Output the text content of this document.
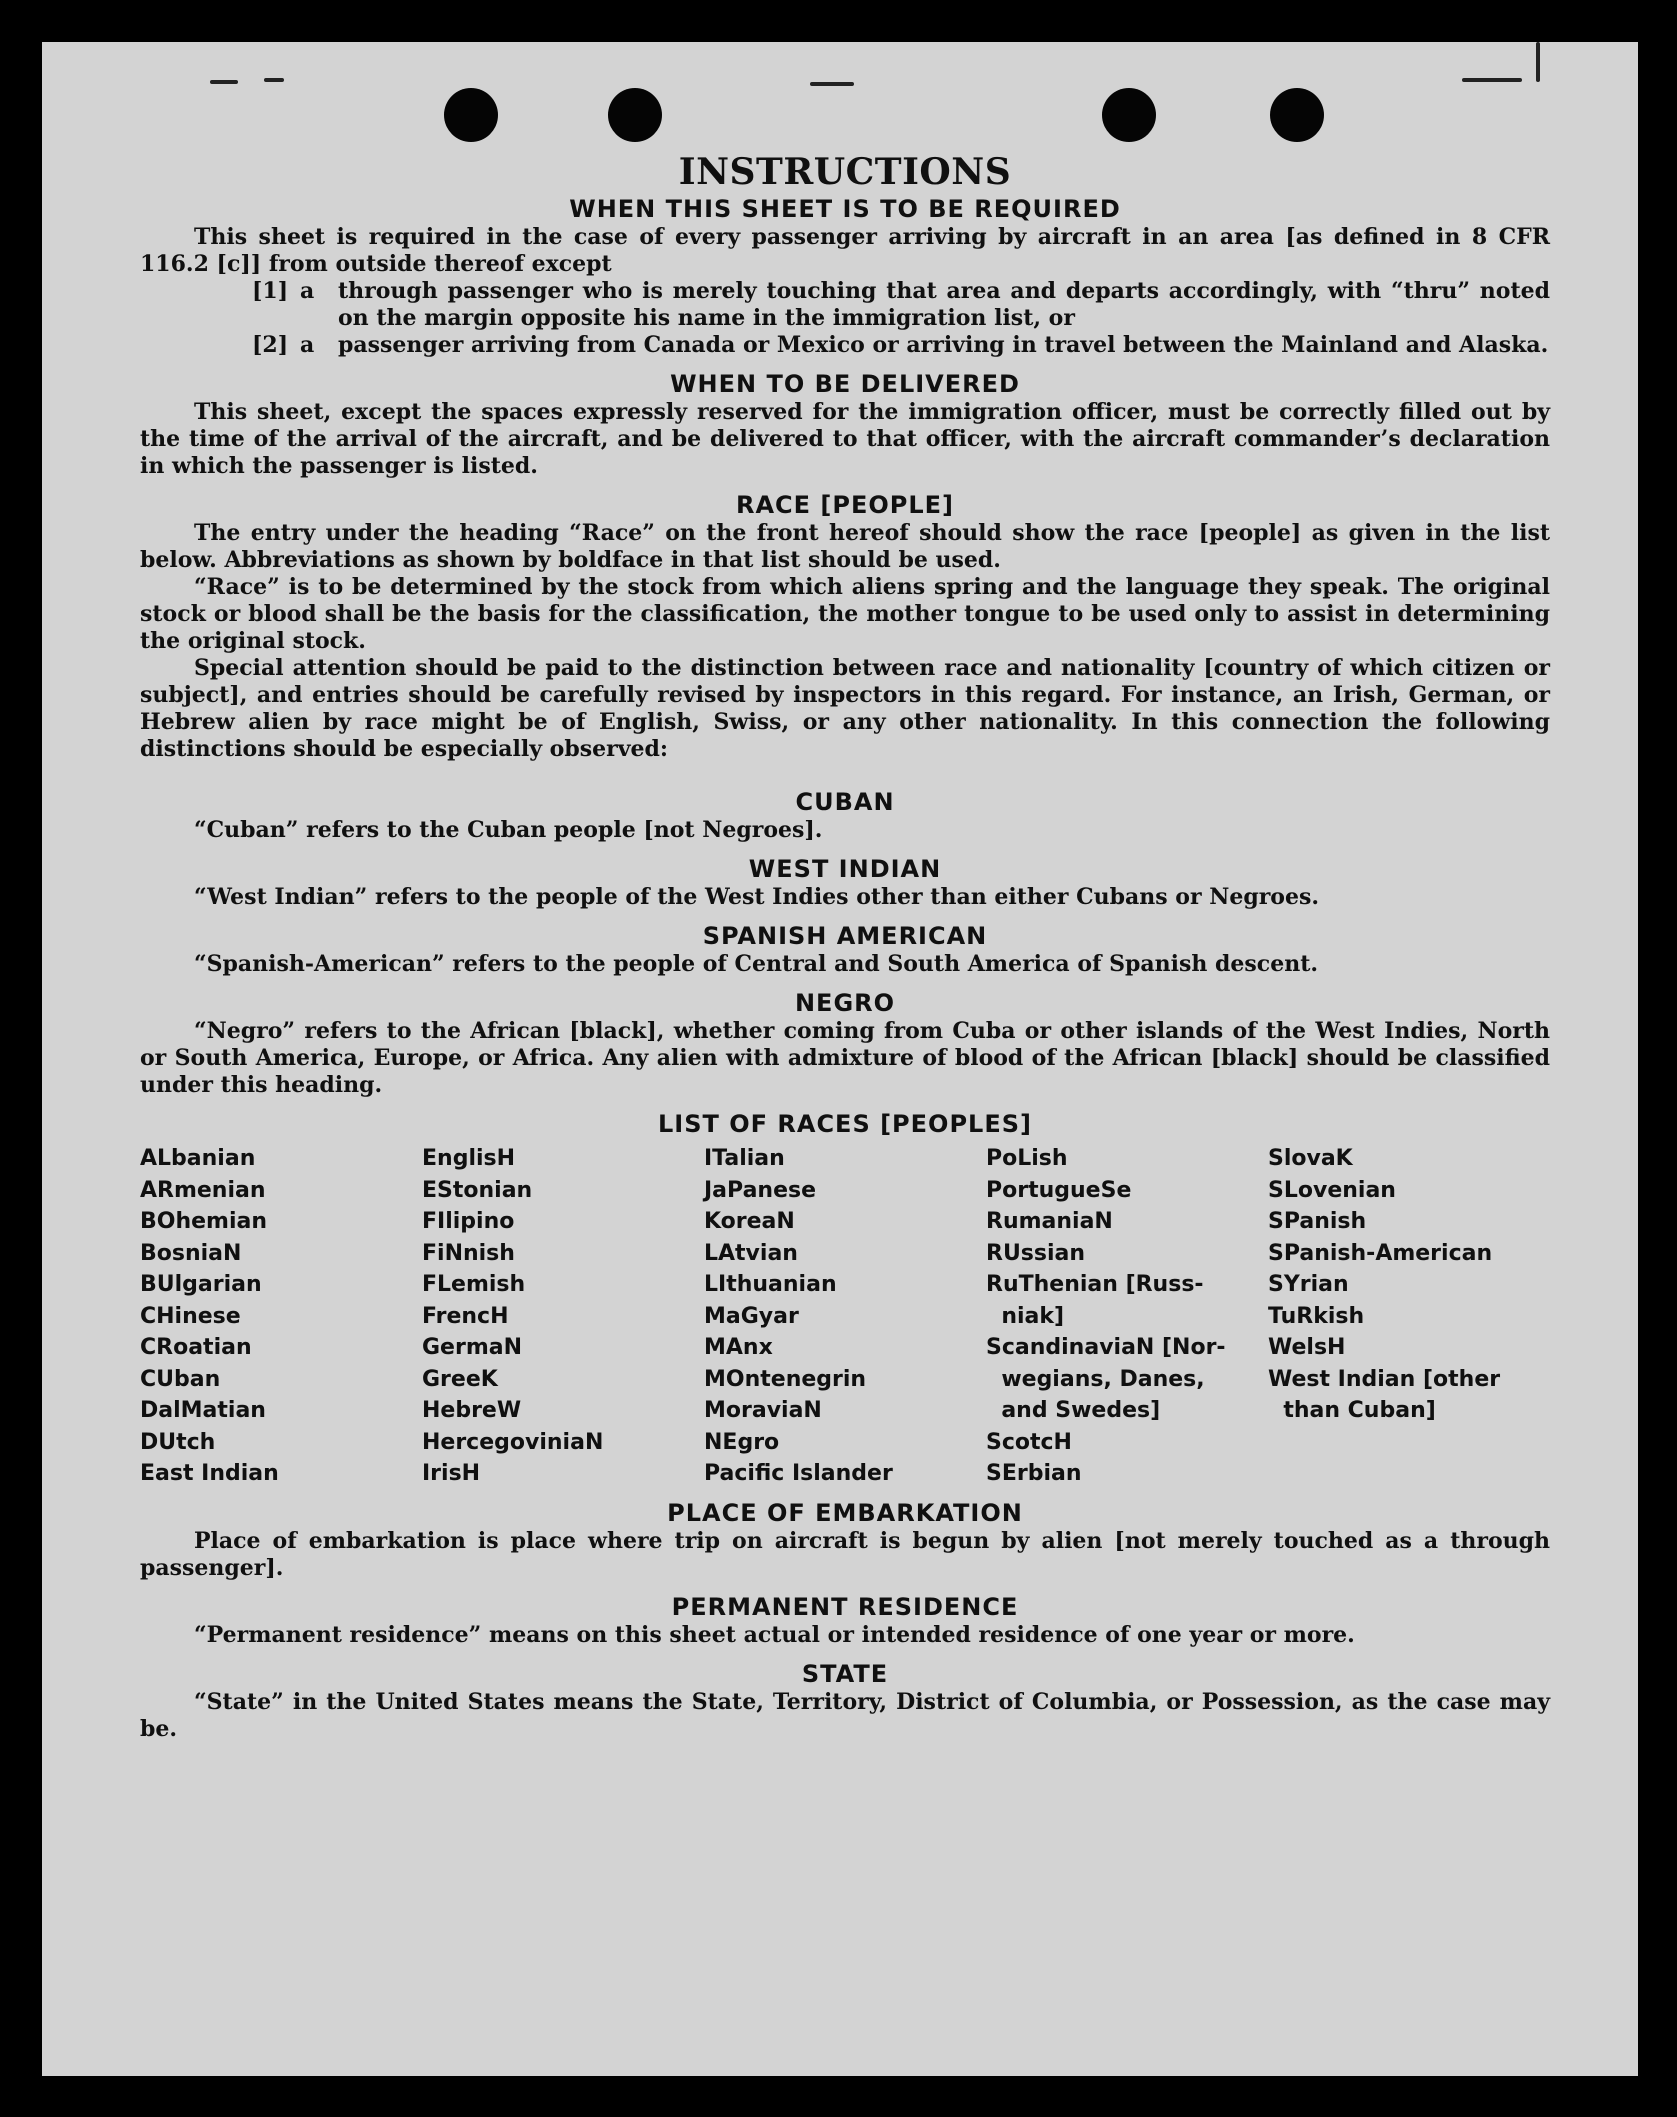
INSTRUCTIONS
WHEN THIS SHEET IS TO BE REQUIRED

This sheet is required in the case of every passenger arriving by aircraft in an area [as defined in 8 CFR 116.2 [c]] from outside thereof except

[1] a through passenger who is merely touching that area and departs accordingly, with “thru” noted on the margin opposite his name in the immigration list, or
[2] a passenger arriving from Canada or Mexico or arriving in travel between the Mainland and Alaska.
WHEN TO BE DELIVERED

This sheet, except the spaces expressly reserved for the immigration officer, must be correctly filled out by the time of the arrival of the aircraft, and be delivered to that officer, with the aircraft commander’s declaration in which the passenger is listed.

RACE [PEOPLE]

The entry under the heading “Race” on the front hereof should show the race [people] as given in the list below. Abbreviations as shown by boldface in that list should be used.

“Race” is to be determined by the stock from which aliens spring and the language they speak. The original stock or blood shall be the basis for the classification, the mother tongue to be used only to assist in determining the original stock.

Special attention should be paid to the distinction between race and nationality [country of which citizen or subject], and entries should be carefully revised by inspectors in this regard. For instance, an Irish, German, or Hebrew alien by race might be of English, Swiss, or any other nationality. In this connection the following distinctions should be especially observed:

CUBAN

“Cuban” refers to the Cuban people [not Negroes].

WEST INDIAN

“West Indian” refers to the people of the West Indies other than either Cubans or Negroes.

SPANISH AMERICAN

“Spanish-American” refers to the people of Central and South America of Spanish descent.

NEGRO

“Negro” refers to the African [black], whether coming from Cuba or other islands of the West Indies, North or South America, Europe, or Africa. Any alien with admixture of blood of the African [black] should be classified under this heading.

LIST OF RACES [PEOPLES]
ALbanian
ARmenian
BOhemian
BosniaN
BUlgarian
CHinese
CRoatian
CUban
DalMatian
DUtch
East Indian
EnglisH
EStonian
FIlipino
FiNnish
FLemish
FrencH
GermaN
GreeK
HebreW
HercegoviniaN
IrisH
ITalian
JaPanese
KoreaN
LAtvian
LIthuanian
MaGyar
MAnx
MOntenegrin
MoraviaN
NEgro
Pacific Islander
PoLish
PortugueSe
RumaniaN
RUssian
RuThenian [Russ-
niak]
ScandinaviaN [Nor-
wegians, Danes,
and Swedes]
ScotcH
SErbian
SlovaK
SLovenian
SPanish
SPanish-American
SYrian
TuRkish
WelsH
West Indian [other
than Cuban]
PLACE OF EMBARKATION

Place of embarkation is place where trip on aircraft is begun by alien [not merely touched as a through passenger].

PERMANENT RESIDENCE

“Permanent residence” means on this sheet actual or intended residence of one year or more.

STATE

“State” in the United States means the State, Territory, District of Columbia, or Possession, as the case may be.
